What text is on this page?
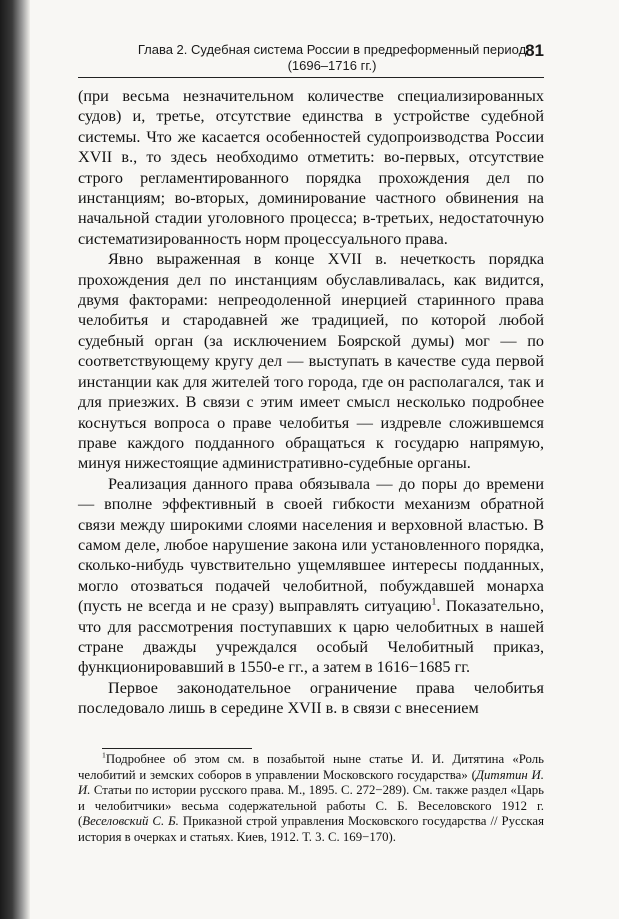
Глава 2. Судебная система России в предреформенный период (1696–1716 гг.)
81

(при весьма незначительном количестве специализированных судов) и, третье, отсутствие единства в устройстве судебной системы. Что же касается особенностей судопроизводства России XVII в., то здесь необходимо отметить: во-первых, отсутствие строго регламентированного порядка прохождения дел по инстанциям; во-вторых, доминирование частного обвинения на начальной стадии уголовного процесса; в-третьих, недостаточную систематизированность норм процессуального права.

Явно выраженная в конце XVII в. нечеткость порядка прохождения дел по инстанциям обуславливалась, как видится, двумя факторами: непреодоленной инерцией старинного права челобитья и стародавней же традицией, по которой любой судебный орган (за исключением Боярской думы) мог — по соответствующему кругу дел — выступать в качестве суда первой инстанции как для жителей того города, где он располагался, так и для приезжих. В связи с этим имеет смысл несколько подробнее коснуться вопроса о праве челобитья — издревле сложившемся праве каждого подданного обращаться к государю напрямую, минуя нижестоящие административно-судебные органы.

Реализация данного права обязывала — до поры до времени — вполне эффективный в своей гибкости механизм обратной связи между широкими слоями населения и верховной властью. В самом деле, любое нарушение закона или установленного порядка, сколько-нибудь чувствительно ущемлявшее интересы подданных, могло отозваться подачей челобитной, побуждавшей монарха (пусть не всегда и не сразу) выправлять ситуацию$^1$. Показательно, что для рассмотрения поступавших к царю челобитных в нашей стране дважды учреждался особый Челобитный приказ, функционировавший в 1550-е гг., а затем в 1616−1685 гг.

Первое законодательное ограничение права челобитья последовало лишь в середине XVII в. в связи с внесением

$^1$Подробнее об этом см. в позабытой ныне статье И. И. Дитятина «Роль челобитий и земских соборов в управлении Московского государства» (Дитятин И. И. Статьи по истории русского права. М., 1895. С. 272−289). См. также раздел «Царь и челобитчики» весьма содержательной работы С. Б. Веселовского 1912 г. (Веселовский С. Б. Приказной строй управления Московского государства // Русская история в очерках и статьях. Киев, 1912. Т. 3. С. 169−170).
